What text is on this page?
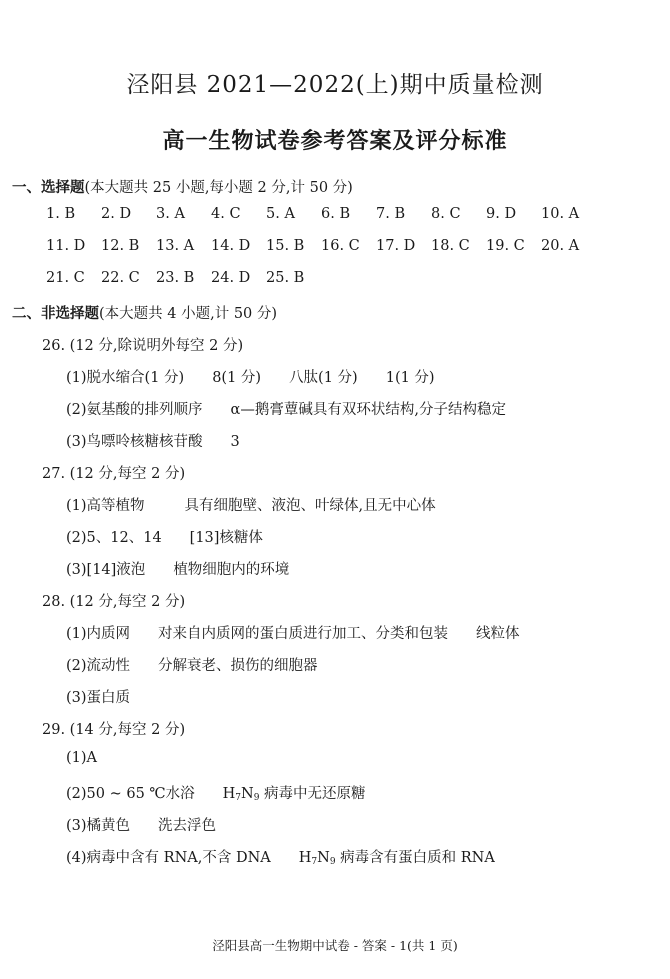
泾阳县 2021—2022(上)期中质量检测
高一生物试卷参考答案及评分标准
一、选择题(本大题共 25 小题,每小题 2 分,计 50 分)
1. B 2. D 3. A 4. C 5. A 6. B 7. B 8. C 9. D 10. A
11. D 12. B 13. A 14. D 15. B 16. C 17. D 18. C 19. C 20. A
21. C 22. C 23. B 24. D 25. B
二、非选择题(本大题共 4 小题,计 50 分)
26. (12 分,除说明外每空 2 分)
(1)脱水缩合(1 分) 8(1 分) 八肽(1 分) 1(1 分)
(2)氨基酸的排列顺序 α—鹅膏蕈碱具有双环状结构,分子结构稳定
(3)鸟嘌呤核糖核苷酸 3
27. (12 分,每空 2 分)
(1)高等植物	具有细胞壁、液泡、叶绿体,且无中心体
(2)5、12、14 [13]核糖体
(3)[14]液泡 植物细胞内的环境
28. (12 分,每空 2 分)
(1)内质网 对来自内质网的蛋白质进行加工、分类和包装 线粒体
(2)流动性 分解衰老、损伤的细胞器
(3)蛋白质
29. (14 分,每空 2 分)
(1)A
(2)50 ~ 65 ℃水浴 $H_7N_9$ 病毒中无还原糖
(3)橘黄色 洗去浮色
(4)病毒中含有 RNA,不含 DNA $H_7N_9$ 病毒含有蛋白质和 RNA
泾阳县高一生物期中试卷 - 答案 - 1(共 1 页)
